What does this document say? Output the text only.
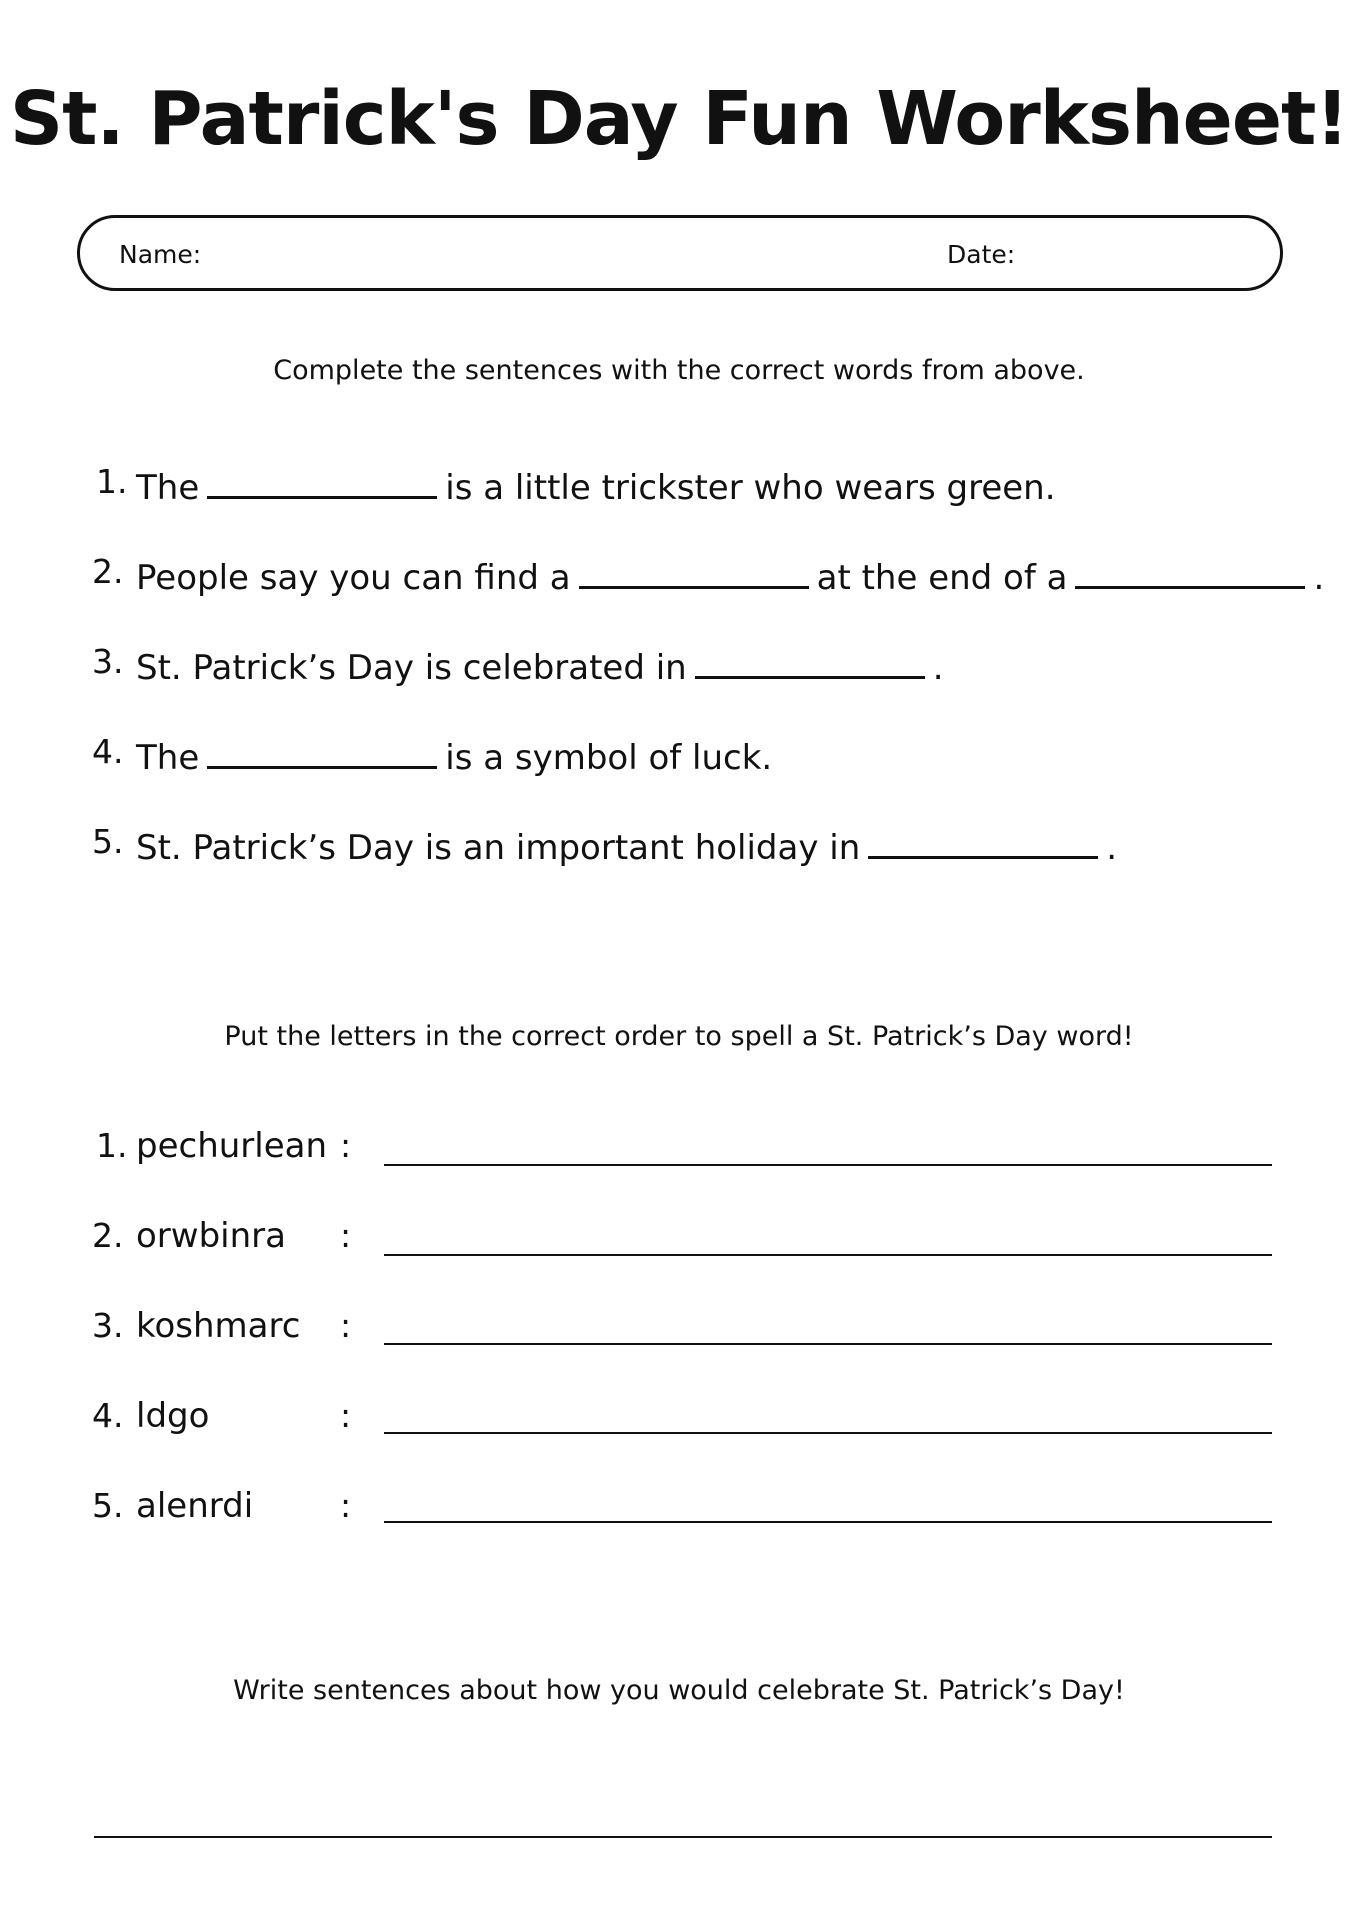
St. Patrick's Day Fun Worksheet!
Name:	Date:
Complete the sentences with the correct words from above.
1. The	is a little trickster who wears green.
2. People say you can find a	at the end of a	.
3. St. Patrick’s Day is celebrated in	.
4. The	is a symbol of luck.
5. St. Patrick’s Day is an important holiday in	.
Put the letters in the correct order to spell a St. Patrick’s Day word!
1. pechurlean :
2. orwbinra :
3. koshmarc :
4. ldgo	:
5. alenrdi	:
Write sentences about how you would celebrate St. Patrick’s Day!
